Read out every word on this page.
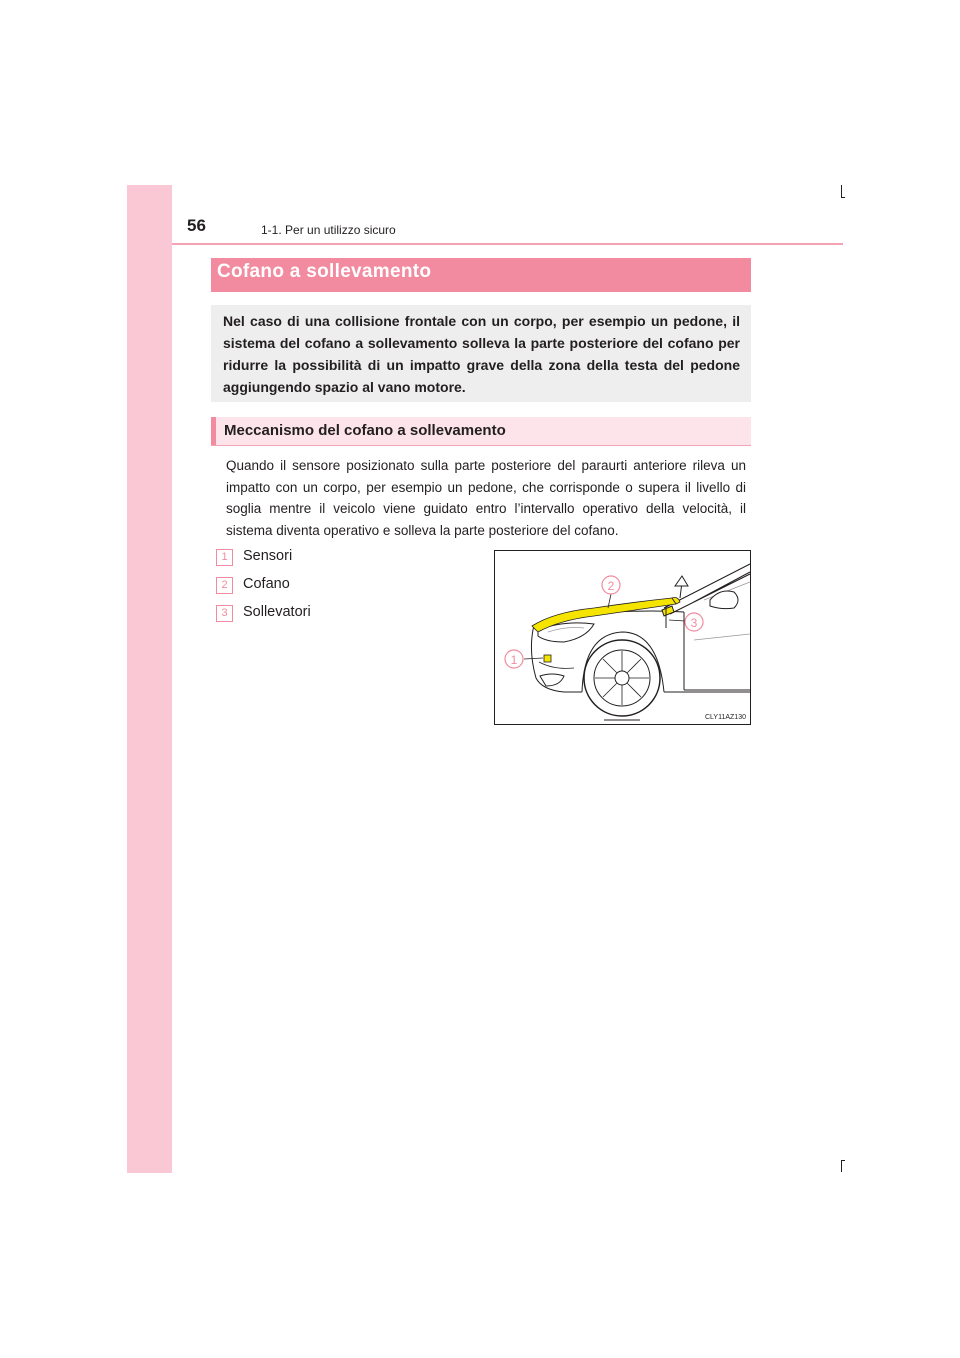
56	1-1. Per un utilizzo sicuro
Cofano a sollevamento
Nel caso di una collisione frontale con un corpo, per esempio un pedone, il sistema del cofano a sollevamento solleva la parte posteriore del cofano per ridurre la possibilità di un impatto grave della zona della testa del pedone aggiungendo spazio al vano motore.
Meccanismo del cofano a sollevamento
Quando il sensore posizionato sulla parte posteriore del paraurti anteriore rileva un impatto con un corpo, per esempio un pedone, che corrisponde o supera il livello di soglia mentre il veicolo viene guidato entro l’intervallo operativo della velocità, il sistema diventa operativo e solleva la parte posteriore del cofano.
1	Sensori
2	Cofano
3	Sollevatori
2
3
1
CLY11AZ130
